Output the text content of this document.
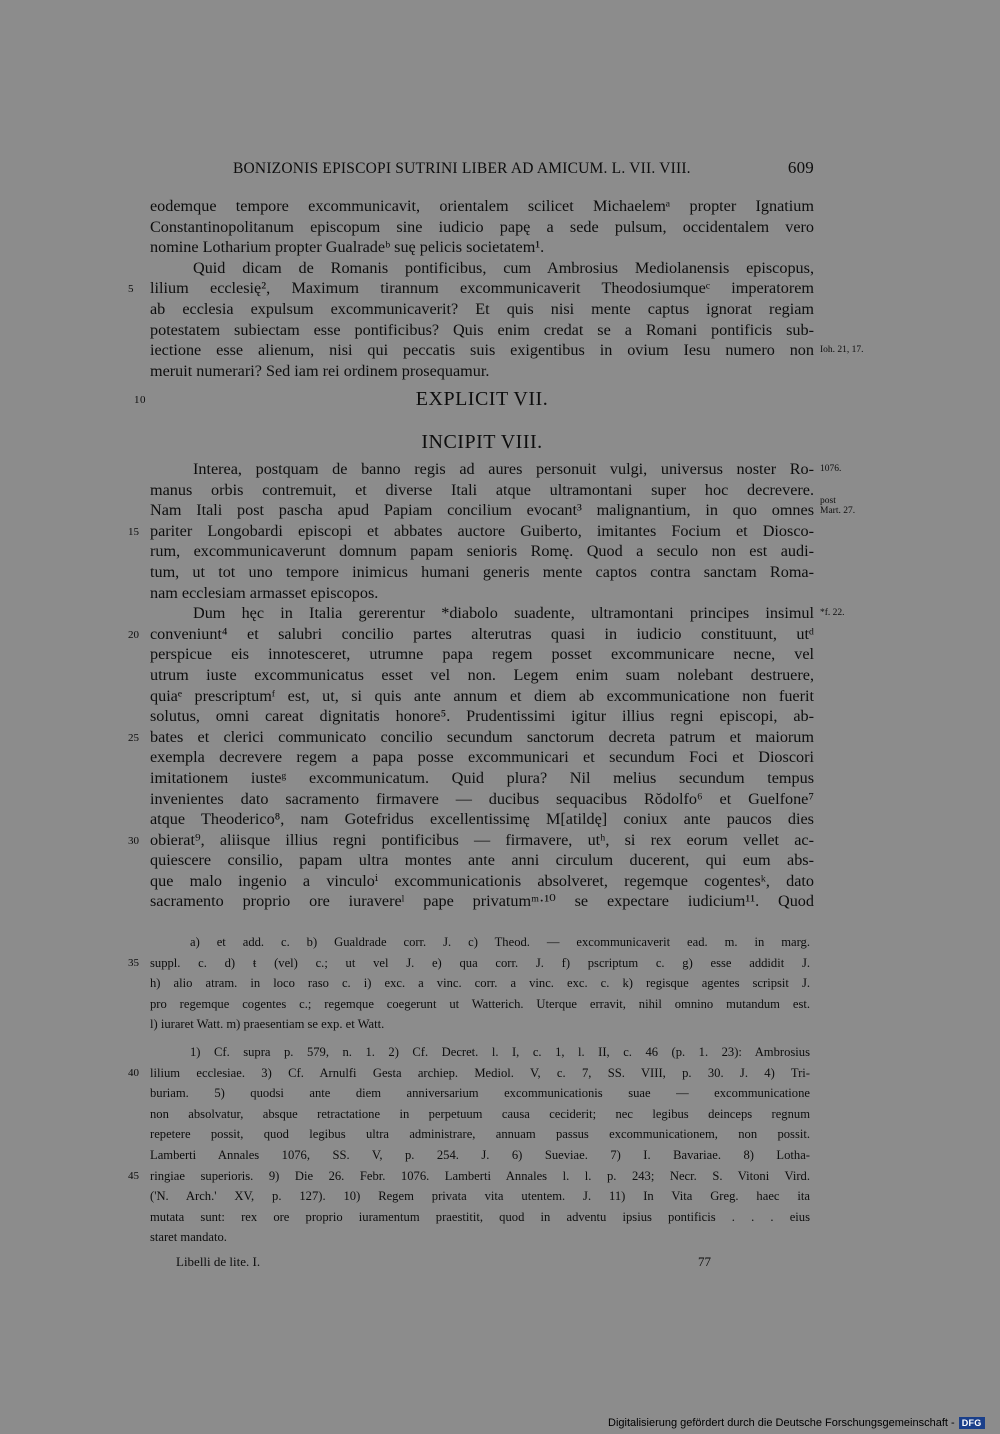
BONIZONIS EPISCOPI SUTRINI LIBER AD AMICUM. L. VII. VIII.	609
eodemque tempore excommunicavit, orientalem scilicet Michaelemᵃ propter Ignatium
Constantinopolitanum episcopum sine iudicio papę a sede pulsum, occidentalem vero
nomine Lotharium propter Gualradeᵇ suę pelicis societatem¹.
Quid dicam de Romanis pontificibus, cum Ambrosius Mediolanensis episcopus,
5	lilium ecclesię², Maximum tirannum excommunicaverit Theodosiumqueᶜ imperatorem
ab ecclesia expulsum excommunicaverit? Et quis nisi mente captus ignorat regiam
potestatem subiectam esse pontificibus? Quis enim credat se a Romani pontificis sub-
iectione esse alienum, nisi qui peccatis suis exigentibus in ovium Iesu numero non Ioh. 21, 17.
meruit numerari? Sed iam rei ordinem prosequamur.
10	EXPLICIT VII.
INCIPIT VIII.
Interea, postquam de banno regis ad aures personuit vulgi, universus noster Ro- 1076.
manus orbis contremuit, et diverse Itali atque ultramontani super hoc decrevere.
Nam Itali post pascha apud Papiam concilium evocant³ malignantium, in quo omnes post
Mart. 27.
15 pariter Longobardi episcopi et abbates auctore Guiberto, imitantes Focium et Diosco-
rum, excommunicaverunt domnum papam senioris Romę. Quod a seculo non est audi-
tum, ut tot uno tempore inimicus humani generis mente captos contra sanctam Roma-
nam ecclesiam armasset episcopos.
Dum hęc in Italia gererentur *diabolo suadente, ultramontani principes insimul *f. 22.
20 conveniunt⁴ et salubri concilio partes alterutras quasi in iudicio constituunt, utᵈ
perspicue eis innotesceret, utrumne papa regem posset excommunicare necne, vel
utrum iuste excommunicatus esset vel non. Legem enim suam nolebant destruere,
quiaᵉ prescriptumᶠ est, ut, si quis ante annum et diem ab excommunicatione non fuerit
solutus, omni careat dignitatis honore⁵. Prudentissimi igitur illius regni episcopi, ab-
25 bates et clerici communicato concilio secundum sanctorum decreta patrum et maiorum
exempla decrevere regem a papa posse excommunicari et secundum Foci et Dioscori
imitationem iusteᵍ excommunicatum. Quid plura? Nil melius secundum tempus
invenientes dato sacramento firmavere — ducibus sequacibus Rŏdolfo⁶ et Guelfone⁷
atque Theoderico⁸, nam Gotefridus excellentissimę M[atildę] coniux ante paucos dies
30 obierat⁹, aliisque illius regni pontificibus — firmavere, utʰ, si rex eorum vellet ac-
quiescere consilio, papam ultra montes ante anni circulum ducerent, qui eum abs-
que malo ingenio a vinculoⁱ excommunicationis absolveret, regemque cogentesᵏ, dato
sacramento proprio ore iuravereˡ pape privatumᵐ·¹⁰ se expectare iudicium¹¹. Quod
a) et add. c. b) Gualdrade corr. J. c) Theod. — excommunicaverit ead. m. in marg.
35 suppl. c. d) ŧ (vel) c.; ut vel J. e) qua corr. J. f) pscriptum c. g) esse addidit J.
h) alio atram. in loco raso c. i) exc. a vinc. corr. a vinc. exc. c. k) regisque agentes scripsit J.
pro regemque cogentes c.; regemque coegerunt ut Watterich. Uterque erravit, nihil omnino mutandum est.
l) iuraret Watt. m) praesentiam se exp. et Watt.
1) Cf. supra p. 579, n. 1. 2) Cf. Decret. l. I, c. 1, l. II, c. 46 (p. 1. 23): Ambrosius
40 lilium ecclesiae. 3) Cf. Arnulfi Gesta archiep. Mediol. V, c. 7, SS. VIII, p. 30. J. 4) Tri-
buriam. 5) quodsi ante diem anniversarium excommunicationis suae — excommunicatione
non absolvatur, absque retractatione in perpetuum causa ceciderit; nec legibus deinceps regnum
repetere possit, quod legibus ultra administrare, annuam passus excommunicationem, non possit.
Lamberti Annales 1076, SS. V, p. 254. J. 6) Sueviae. 7) I. Bavariae. 8) Lotha-
45 ringiae superioris. 9) Die 26. Febr. 1076. Lamberti Annales l. l. p. 243; Necr. S. Vitoni Vird.
('N. Arch.' XV, p. 127). 10) Regem privata vita utentem. J. 11) In Vita Greg. haec ita
mutata sunt: rex ore proprio iuramentum praestitit, quod in adventu ipsius pontificis . . . eius
staret mandato.
Libelli de lite. I.	77
Digitalisierung gefördert durch die Deutsche Forschungsgemeinschaft - DFG
